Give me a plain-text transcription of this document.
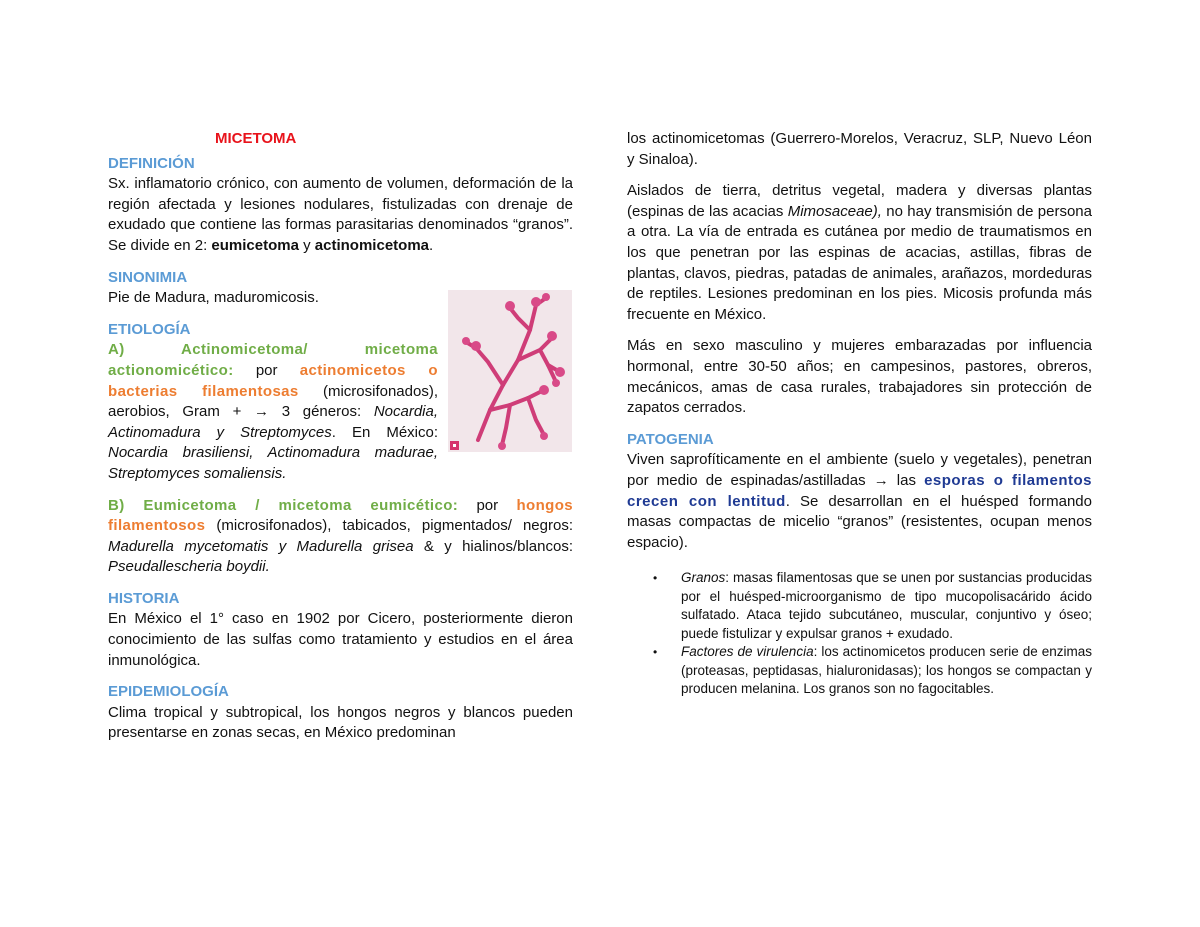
MICETOMA

DEFINICIÓN

Sx. inflamatorio crónico, con aumento de volumen, deformación de la región afectada y lesiones nodulares, fistulizadas con drenaje de exudado que contiene las formas parasitarias denominados “granos”. Se divide en 2: eumicetoma y actinomicetoma.

SINONIMIA

Pie de Madura, maduromicosis.

ETIOLOGÍA

A) Actinomicetoma/ micetoma actionomicético: por actinomicetos o bacterias filamentosas (microsifonados), aerobios, Gram + → 3 géneros: Nocardia, Actinomadura y Streptomyces. En México: Nocardia brasiliensi, Actinomadura madurae, Streptomyces somaliensis.

B) Eumicetoma / micetoma eumicético: por hongos filamentosos (microsifonados), tabicados, pigmentados/ negros: Madurella mycetomatis y Madurella grisea & y hialinos/blancos: Pseudallescheria boydii.

HISTORIA

En México el 1° caso en 1902 por Cicero, posteriormente dieron conocimiento de las sulfas como tratamiento y estudios en el área inmunológica.

EPIDEMIOLOGÍA

Clima tropical y subtropical, los hongos negros y blancos pueden presentarse en zonas secas, en México predominan

los actinomicetomas (Guerrero-Morelos, Veracruz, SLP, Nuevo Léon y Sinaloa).

Aislados de tierra, detritus vegetal, madera y diversas plantas (espinas de las acacias Mimosaceae), no hay transmisión de persona a otra. La vía de entrada es cutánea por medio de traumatismos en los que penetran por las espinas de acacias, astillas, fibras de plantas, clavos, piedras, patadas de animales, arañazos, mordeduras de reptiles. Lesiones predominan en los pies. Micosis profunda más frecuente en México.

Más en sexo masculino y mujeres embarazadas por influencia hormonal, entre 30-50 años; en campesinos, pastores, obreros, mecánicos, amas de casa rurales, trabajadores sin protección de zapatos cerrados.

PATOGENIA

Viven saprofíticamente en el ambiente (suelo y vegetales), penetran por medio de espinadas/astilladas → las esporas o filamentos crecen con lentitud. Se desarrollan en el huésped formando masas compactas de micelio “granos” (resistentes, ocupan menos espacio).

• Granos: masas filamentosas que se unen por sustancias producidas por el huésped-microorganismo de tipo mucopolisacárido ácido sulfatado. Ataca tejido subcutáneo, muscular, conjuntivo y óseo; puede fistulizar y expulsar granos + exudado.
• Factores de virulencia: los actinomicetos producen serie de enzimas (proteasas, peptidasas, hialuronidasas); los hongos se compactan y producen melanina. Los granos son no fagocitables.
